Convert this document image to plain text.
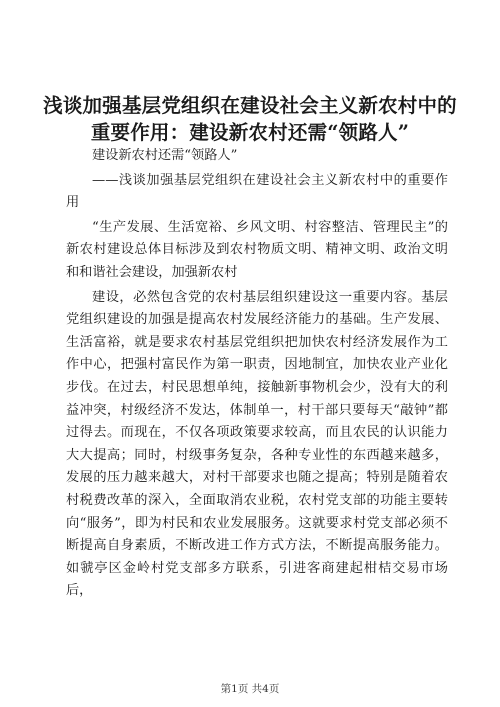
浅谈加强基层党组织在建设社会主义新农村中的重要作用：建设新农村还需“领路人”

建设新农村还需“领路人”

——浅谈加强基层党组织在建设社会主义新农村中的重要作用

“生产发展、生活宽裕、乡风文明、村容整洁、管理民主”的新农村建设总体目标涉及到农村物质文明、精神文明、政治文明和和谐社会建设，加强新农村

建设，必然包含党的农村基层组织建设这一重要内容。基层党组织建设的加强是提高农村发展经济能力的基础。生产发展、生活富裕，就是要求农村基层党组织把加快农村经济发展作为工作中心，把强村富民作为第一职责，因地制宜，加快农业产业化步伐。在过去，村民思想单纯，接触新事物机会少，没有大的利益冲突，村级经济不发达，体制单一，村干部只要每天“敲钟”都过得去。而现在，不仅各项政策要求较高，而且农民的认识能力大大提高；同时，村级事务复杂，各种专业性的东西越来越多，发展的压力越来越大，对村干部要求也随之提高；特别是随着农村税费改革的深入，全面取消农业税，农村党支部的功能主要转向“服务”，即为村民和农业发展服务。这就要求村党支部必须不断提高自身素质，不断改进工作方式方法，不断提高服务能力。如虢亭区金岭村党支部多方联系，引进客商建起柑桔交易市场后，

第1页 共4页
